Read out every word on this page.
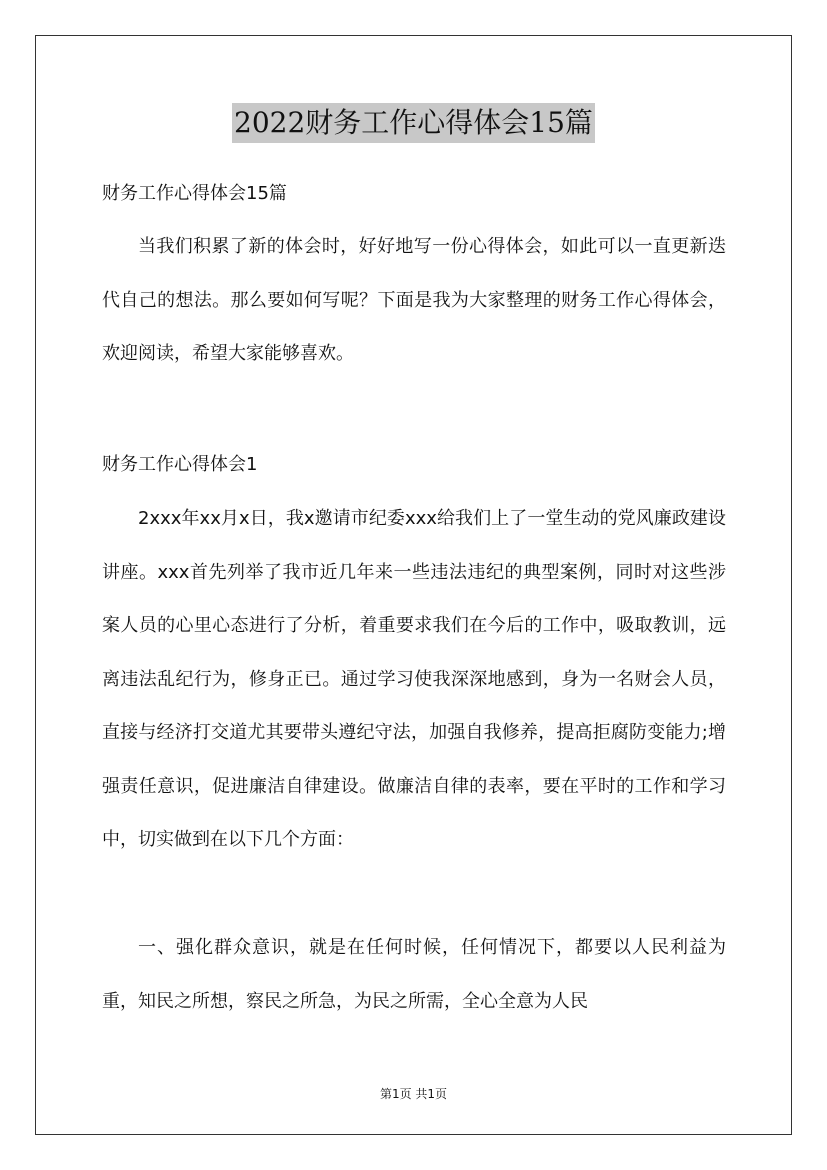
2022财务工作心得体会15篇

财务工作心得体会15篇

当我们积累了新的体会时，好好地写一份心得体会，如此可以一直更新迭代自己的想法。那么要如何写呢？下面是我为大家整理的财务工作心得体会，欢迎阅读，希望大家能够喜欢。

财务工作心得体会1

2xxx年xx月x日，我x邀请市纪委xxx给我们上了一堂生动的党风廉政建设讲座。xxx首先列举了我市近几年来一些违法违纪的典型案例，同时对这些涉案人员的心里心态进行了分析，着重要求我们在今后的工作中，吸取教训，远离违法乱纪行为，修身正已。通过学习使我深深地感到，身为一名财会人员，直接与经济打交道尤其要带头遵纪守法，加强自我修养，提高拒腐防变能力;增强责任意识，促进廉洁自律建设。做廉洁自律的表率，要在平时的工作和学习中，切实做到在以下几个方面：

一、强化群众意识，就是在任何时候，任何情况下，都要以人民利益为重，知民之所想，察民之所急，为民之所需，全心全意为人民

第1页 共1页
